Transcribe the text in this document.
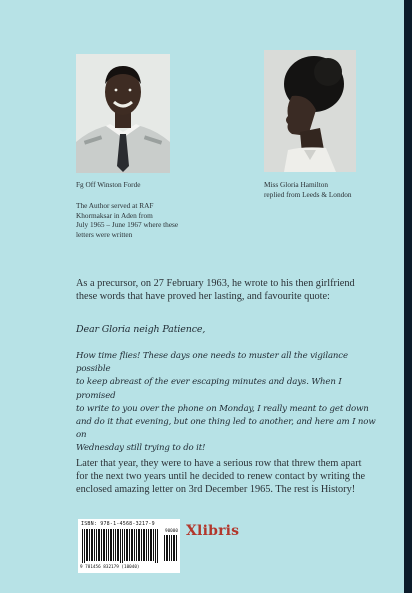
Fg Off Winston Forde
The Author served at RAF
Khormaksar in Aden from
July 1965 – June 1967 where these
letters were written
Miss Gloria Hamilton
replied from Leeds & London
As a precursor, on 27 February 1963, he wrote to his then girlfriend these words that have proved her lasting, and favourite quote:
Dear Gloria neigh Patience,
How time flies! These days one needs to muster all the vigilance possible
to keep abreast of the ever escaping minutes and days. When I promised
to write to you over the phone on Monday, I really meant to get down
and do it that evening, but one thing led to another, and here am I now on
Wednesday still trying to do it!
Later that year, they were to have a serious row that threw them apart for the next two years until he decided to renew contact by writing the enclosed amazing letter on 3rd December 1965. The rest is History!
ISBN: 978-1-4568-3217-9
90000
9 781456 832179 (10040)
Xlibris
